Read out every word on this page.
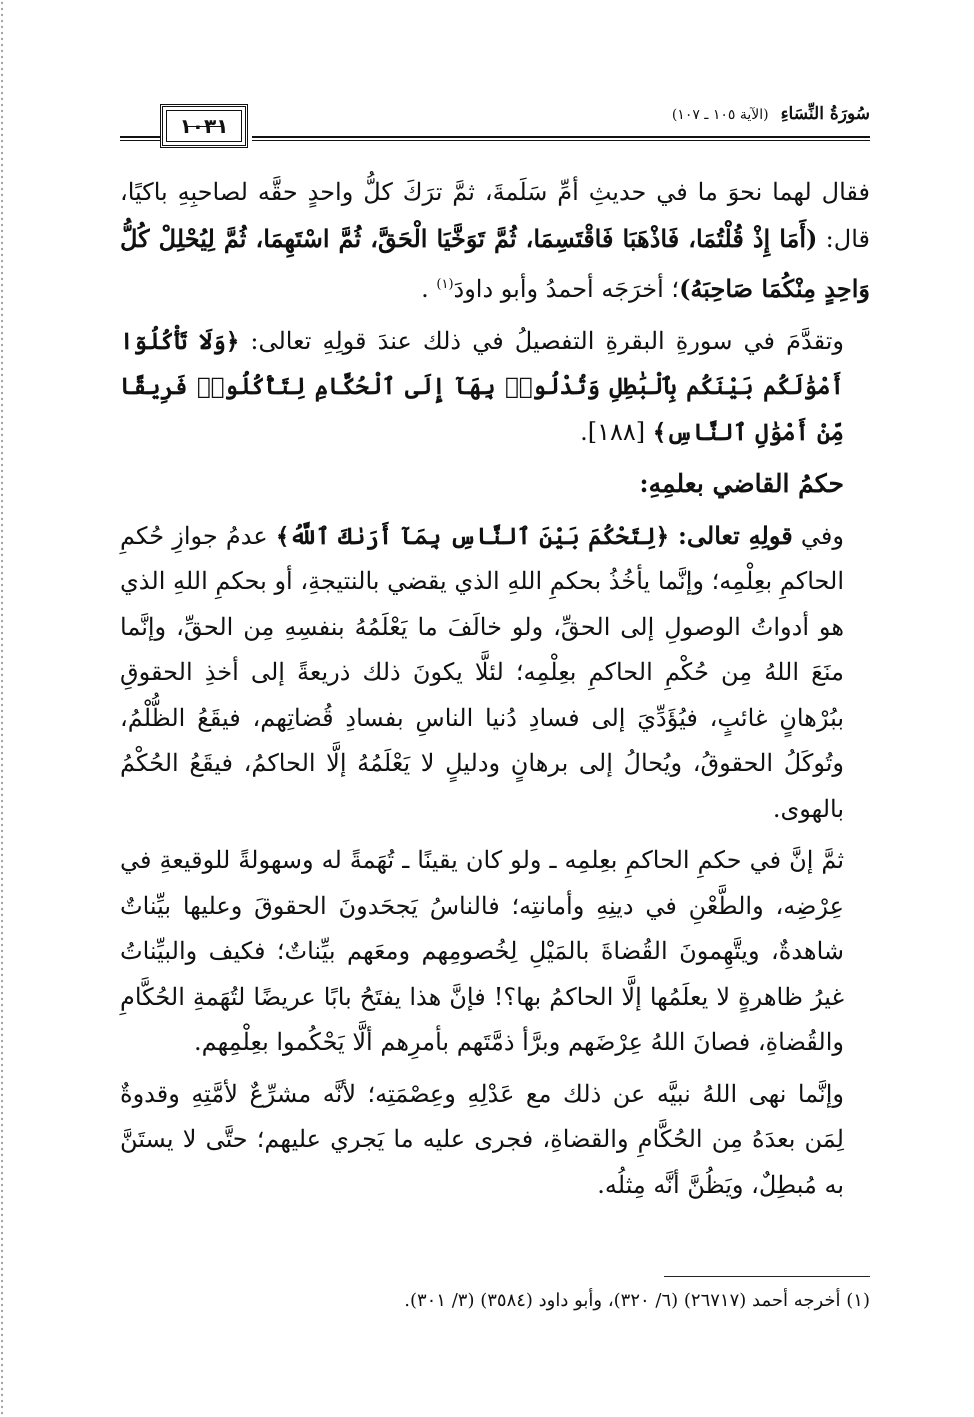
١٠٣١	سُورَةُ النِّسَاءِ (الآية ١٠٥ ـ ١٠٧)

فقال لهما نحوَ ما في حديثِ أمِّ سَلَمةَ، ثمَّ ترَكَ كلُّ واحدٍ حقَّه لصاحبِهِ باكيًا، قال: (أَمَا إِذْ قُلْتُمَا، فَاذْهَبَا فَاقْتَسِمَا، ثُمَّ تَوَخَّيَا الْحَقَّ، ثُمَّ اسْتَهِمَا، ثُمَّ لِيُحْلِلْ كُلُّ وَاحِدٍ مِنْكُمَا صَاحِبَهُ)؛ أخرَجَه أحمدُ وأبو داودَ$^{(١)}$ .

وتقدَّمَ في سورةِ البقرةِ التفصيلُ في ذلك عندَ قولِهِ تعالى: ﴿وَلَا تَأْكُلُوٓا أَمْوَٰلَكُم بَيْنَكُم بِٱلْبَٰطِلِ وَتُدْلُوا۟ بِهَآ إِلَى ٱلْحُكَّامِ لِتَأْكُلُوا۟ فَرِيقًا مِّنْ أَمْوَٰلِ ٱلنَّاسِ﴾ [١٨٨].

حكمُ القاضي بعلمِهِ:

وفي قولِهِ تعالى: ﴿لِتَحْكُمَ بَيْنَ ٱلنَّاسِ بِمَآ أَرَىٰكَ ٱللَّهُ﴾ عدمُ جوازِ حُكمِ الحاكمِ بعِلْمِه؛ وإنَّما يأخُذُ بحكمِ اللهِ الذي يقضي بالنتيجةِ، أو بحكمِ اللهِ الذي هو أدواتُ الوصولِ إلى الحقِّ، ولو خالَفَ ما يَعْلَمُهُ بنفسِهِ مِن الحقِّ، وإنَّما منَعَ اللهُ مِن حُكْمِ الحاكمِ بعِلْمِه؛ لئلَّا يكونَ ذلك ذريعةً إلى أخذِ الحقوقِ ببُرْهانٍ غائبٍ، فيُؤَدِّيَ إلى فسادِ دُنيا الناسِ بفسادِ قُضاتِهم، فيقَعُ الظُّلْمُ، وتُوكَلُ الحقوقُ، ويُحالُ إلى برهانٍ ودليلٍ لا يَعْلَمُهُ إلَّا الحاكمُ، فيقَعُ الحُكْمُ بالهوى.

ثمَّ إنَّ في حكمِ الحاكمِ بعِلمِه ـ ولو كان يقينًا ـ تُهَمةً له وسهولةً للوقيعةِ في عِرْضِه، والطَّعْنِ في دينِهِ وأمانتِه؛ فالناسُ يَجحَدونَ الحقوقَ وعليها بيِّناتٌ شاهدةٌ، ويتَّهِمونَ القُضاةَ بالمَيْلِ لِخُصومِهم ومعَهم بيِّناتٌ؛ فكيف والبيِّناتُ غيرُ ظاهرةٍ لا يعلَمُها إلَّا الحاكمُ بها؟! فإنَّ هذا يفتَحُ بابًا عريضًا لتُهَمةِ الحُكَّامِ والقُضاةِ، فصانَ اللهُ عِرْضَهم وبرَّأ ذمَّتَهم بأمرِهم ألَّا يَحْكُموا بعِلْمِهم.

وإنَّما نهى اللهُ نبيَّه عن ذلك مع عَدْلِهِ وعِصْمَتِه؛ لأنَّه مشرِّعٌ لأمَّتِهِ وقدوةٌ لِمَن بعدَهُ مِن الحُكَّامِ والقضاةِ، فجرى عليه ما يَجري عليهم؛ حتَّى لا يستَنَّ به مُبطِلٌ، ويَظُنَّ أنَّه مِثلُه.

(١) أخرجه أحمد (٢٦٧١٧) (٦/ ٣٢٠)، وأبو داود (٣٥٨٤) (٣/ ٣٠١).
